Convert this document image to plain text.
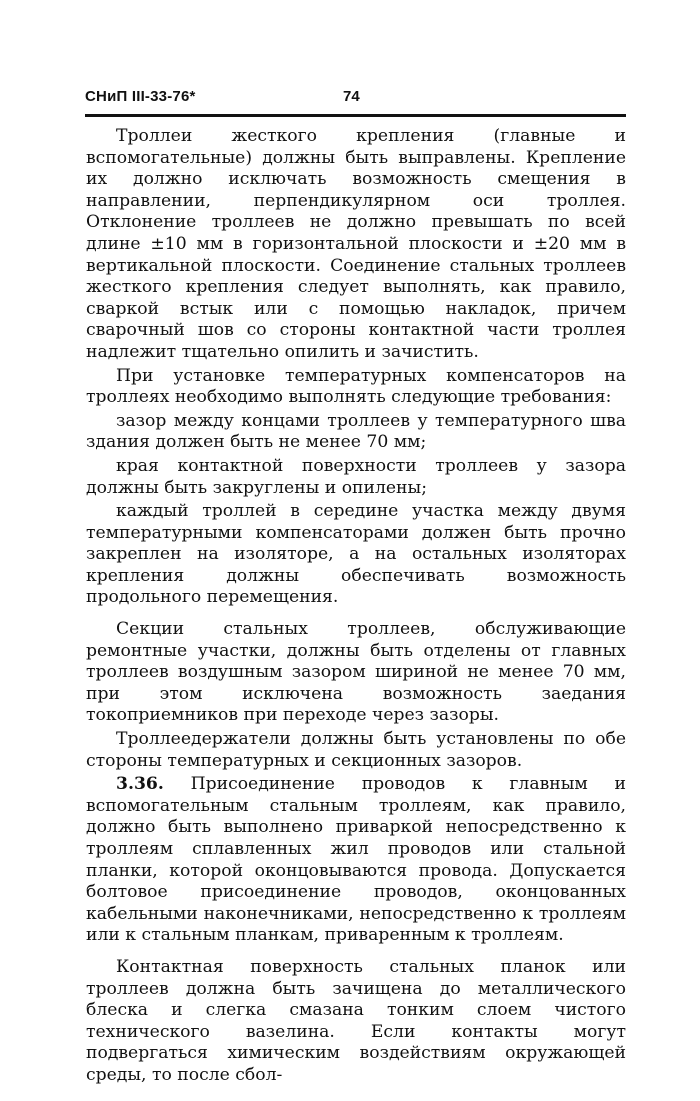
СНиП III-33-76*	74

Троллеи жесткого крепления (главные и вспомогательные) должны быть выправлены. Крепление их должно исключать возможность смещения в направлении, перпендикулярном оси троллея. Отклонение троллеев не должно превышать по всей длине ±10 мм в горизонтальной плоскости и ±20 мм в вертикальной плоскости. Соединение стальных троллеев жесткого крепления следует выполнять, как правило, сваркой встык или с помощью накладок, причем сварочный шов со стороны контактной части троллея надлежит тщательно опилить и зачистить.

При установке температурных компенсаторов на троллеях необходимо выполнять следующие требования:

зазор между концами троллеев у температурного шва здания должен быть не менее 70 мм;

края контактной поверхности троллеев у зазора должны быть закруглены и опилены;

каждый троллей в середине участка между двумя температурными компенсаторами должен быть прочно закреплен на изоляторе, а на остальных изоляторах крепления должны обеспечивать возможность продольного перемещения.

Секции стальных троллеев, обслуживающие ремонтные участки, должны быть отделены от главных троллеев воздушным зазором шириной не менее 70 мм, при этом исключена возможность заедания токоприемников при переходе через зазоры.

Троллеедержатели должны быть установлены по обе стороны температурных и секционных зазоров.

3.36. Присоединение проводов к главным и вспомогательным стальным троллеям, как правило, должно быть выполнено приваркой непосредственно к троллеям сплавленных жил проводов или стальной планки, которой оконцовываются провода. Допускается болтовое присоединение проводов, оконцованных кабельными наконечниками, непосредственно к троллеям или к стальным планкам, приваренным к троллеям.

Контактная поверхность стальных планок или троллеев должна быть зачищена до металлического блеска и слегка смазана тонким слоем чистого технического вазелина. Если контакты могут подвергаться химическим воздействиям окружающей среды, то после сбол-
